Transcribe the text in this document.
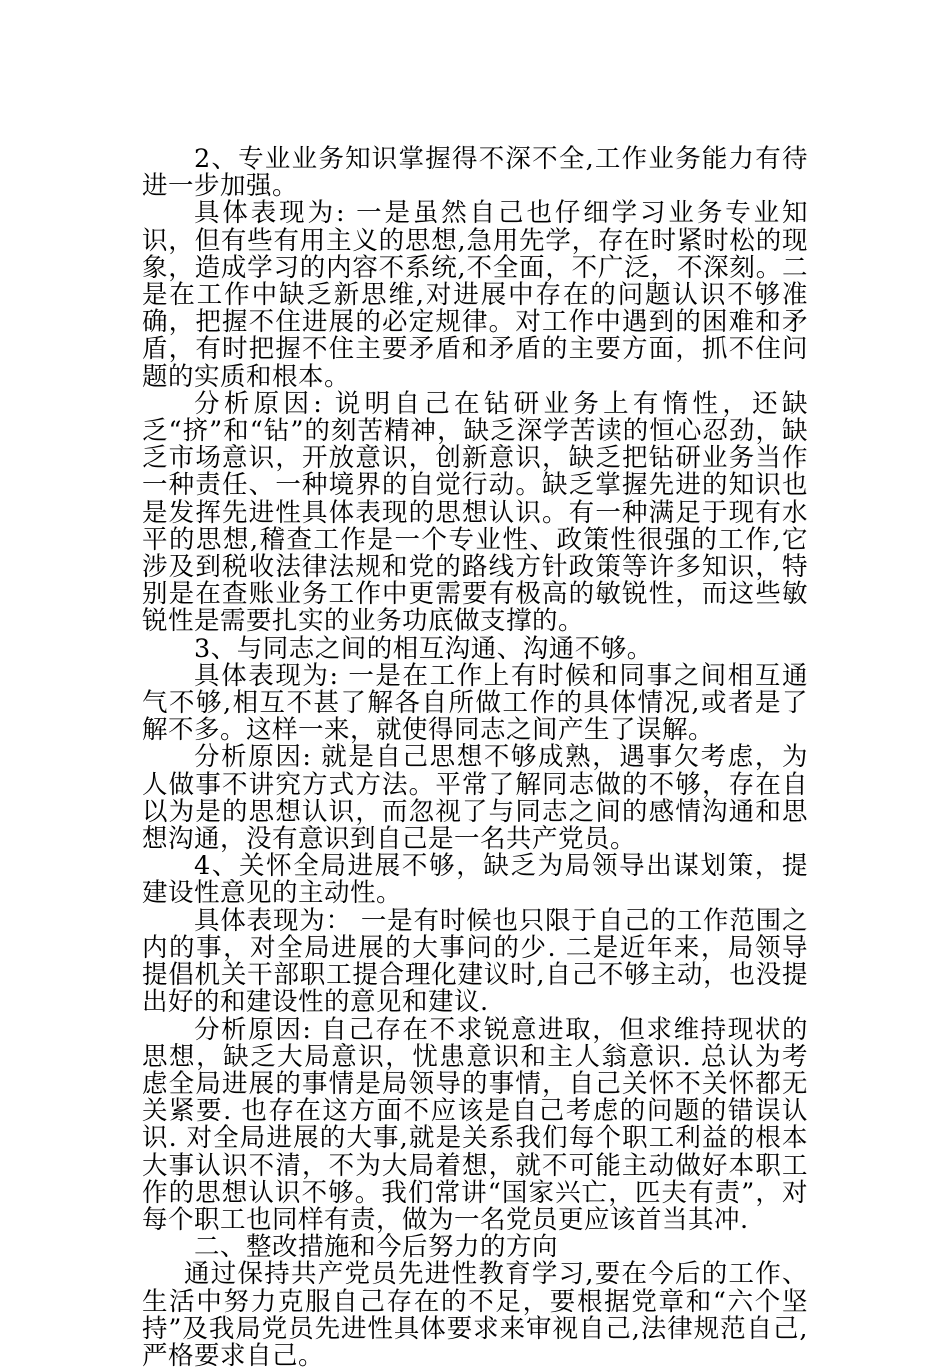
2、专业业务知识掌握得不深不全,工作业务能力有待进一步加强。

具体表现为: 一是虽然自己也仔细学习业务专业知识，但有些有用主义的思想,急用先学，存在时紧时松的现象，造成学习的内容不系统,不全面，不广泛，不深刻。二是在工作中缺乏新思维,对进展中存在的问题认识不够准确，把握不住进展的必定规律。对工作中遇到的困难和矛盾，有时把握不住主要矛盾和矛盾的主要方面，抓不住问题的实质和根本。

分析原因: 说明自己在钻研业务上有惰性，还缺乏“挤”和“钻”的刻苦精神，缺乏深学苦读的恒心忍劲，缺乏市场意识，开放意识，创新意识，缺乏把钻研业务当作一种责任、一种境界的自觉行动。缺乏掌握先进的知识也是发挥先进性具体表现的思想认识。有一种满足于现有水平的思想,稽查工作是一个专业性、政策性很强的工作,它涉及到税收法律法规和党的路线方针政策等许多知识，特别是在查账业务工作中更需要有极高的敏锐性，而这些敏锐性是需要扎实的业务功底做支撑的。

3、与同志之间的相互沟通、沟通不够。

具体表现为: 一是在工作上有时候和同事之间相互通气不够,相互不甚了解各自所做工作的具体情况,或者是了解不多。这样一来，就使得同志之间产生了误解。

分析原因: 就是自己思想不够成熟，遇事欠考虑，为人做事不讲究方式方法。平常了解同志做的不够，存在自以为是的思想认识，而忽视了与同志之间的感情沟通和思想沟通，没有意识到自己是一名共产党员。

4、关怀全局进展不够，缺乏为局领导出谋划策，提建设性意见的主动性。

具体表现为： 一是有时候也只限于自己的工作范围之内的事，对全局进展的大事问的少. 二是近年来，局领导提倡机关干部职工提合理化建议时,自己不够主动，也没提出好的和建设性的意见和建议.

分析原因: 自己存在不求锐意进取，但求维持现状的思想，缺乏大局意识，忧患意识和主人翁意识. 总认为考虑全局进展的事情是局领导的事情，自己关怀不关怀都无关紧要. 也存在这方面不应该是自己考虑的问题的错误认识. 对全局进展的大事,就是关系我们每个职工利益的根本大事认识不清，不为大局着想，就不可能主动做好本职工作的思想认识不够。我们常讲“国家兴亡，匹夫有责”，对每个职工也同样有责，做为一名党员更应该首当其冲.

二、整改措施和今后努力的方向

通过保持共产党员先进性教育学习,要在今后的工作、生活中努力克服自己存在的不足，要根据党章和“六个坚持”及我局党员先进性具体要求来审视自己,法律规范自己,严格要求自己。
